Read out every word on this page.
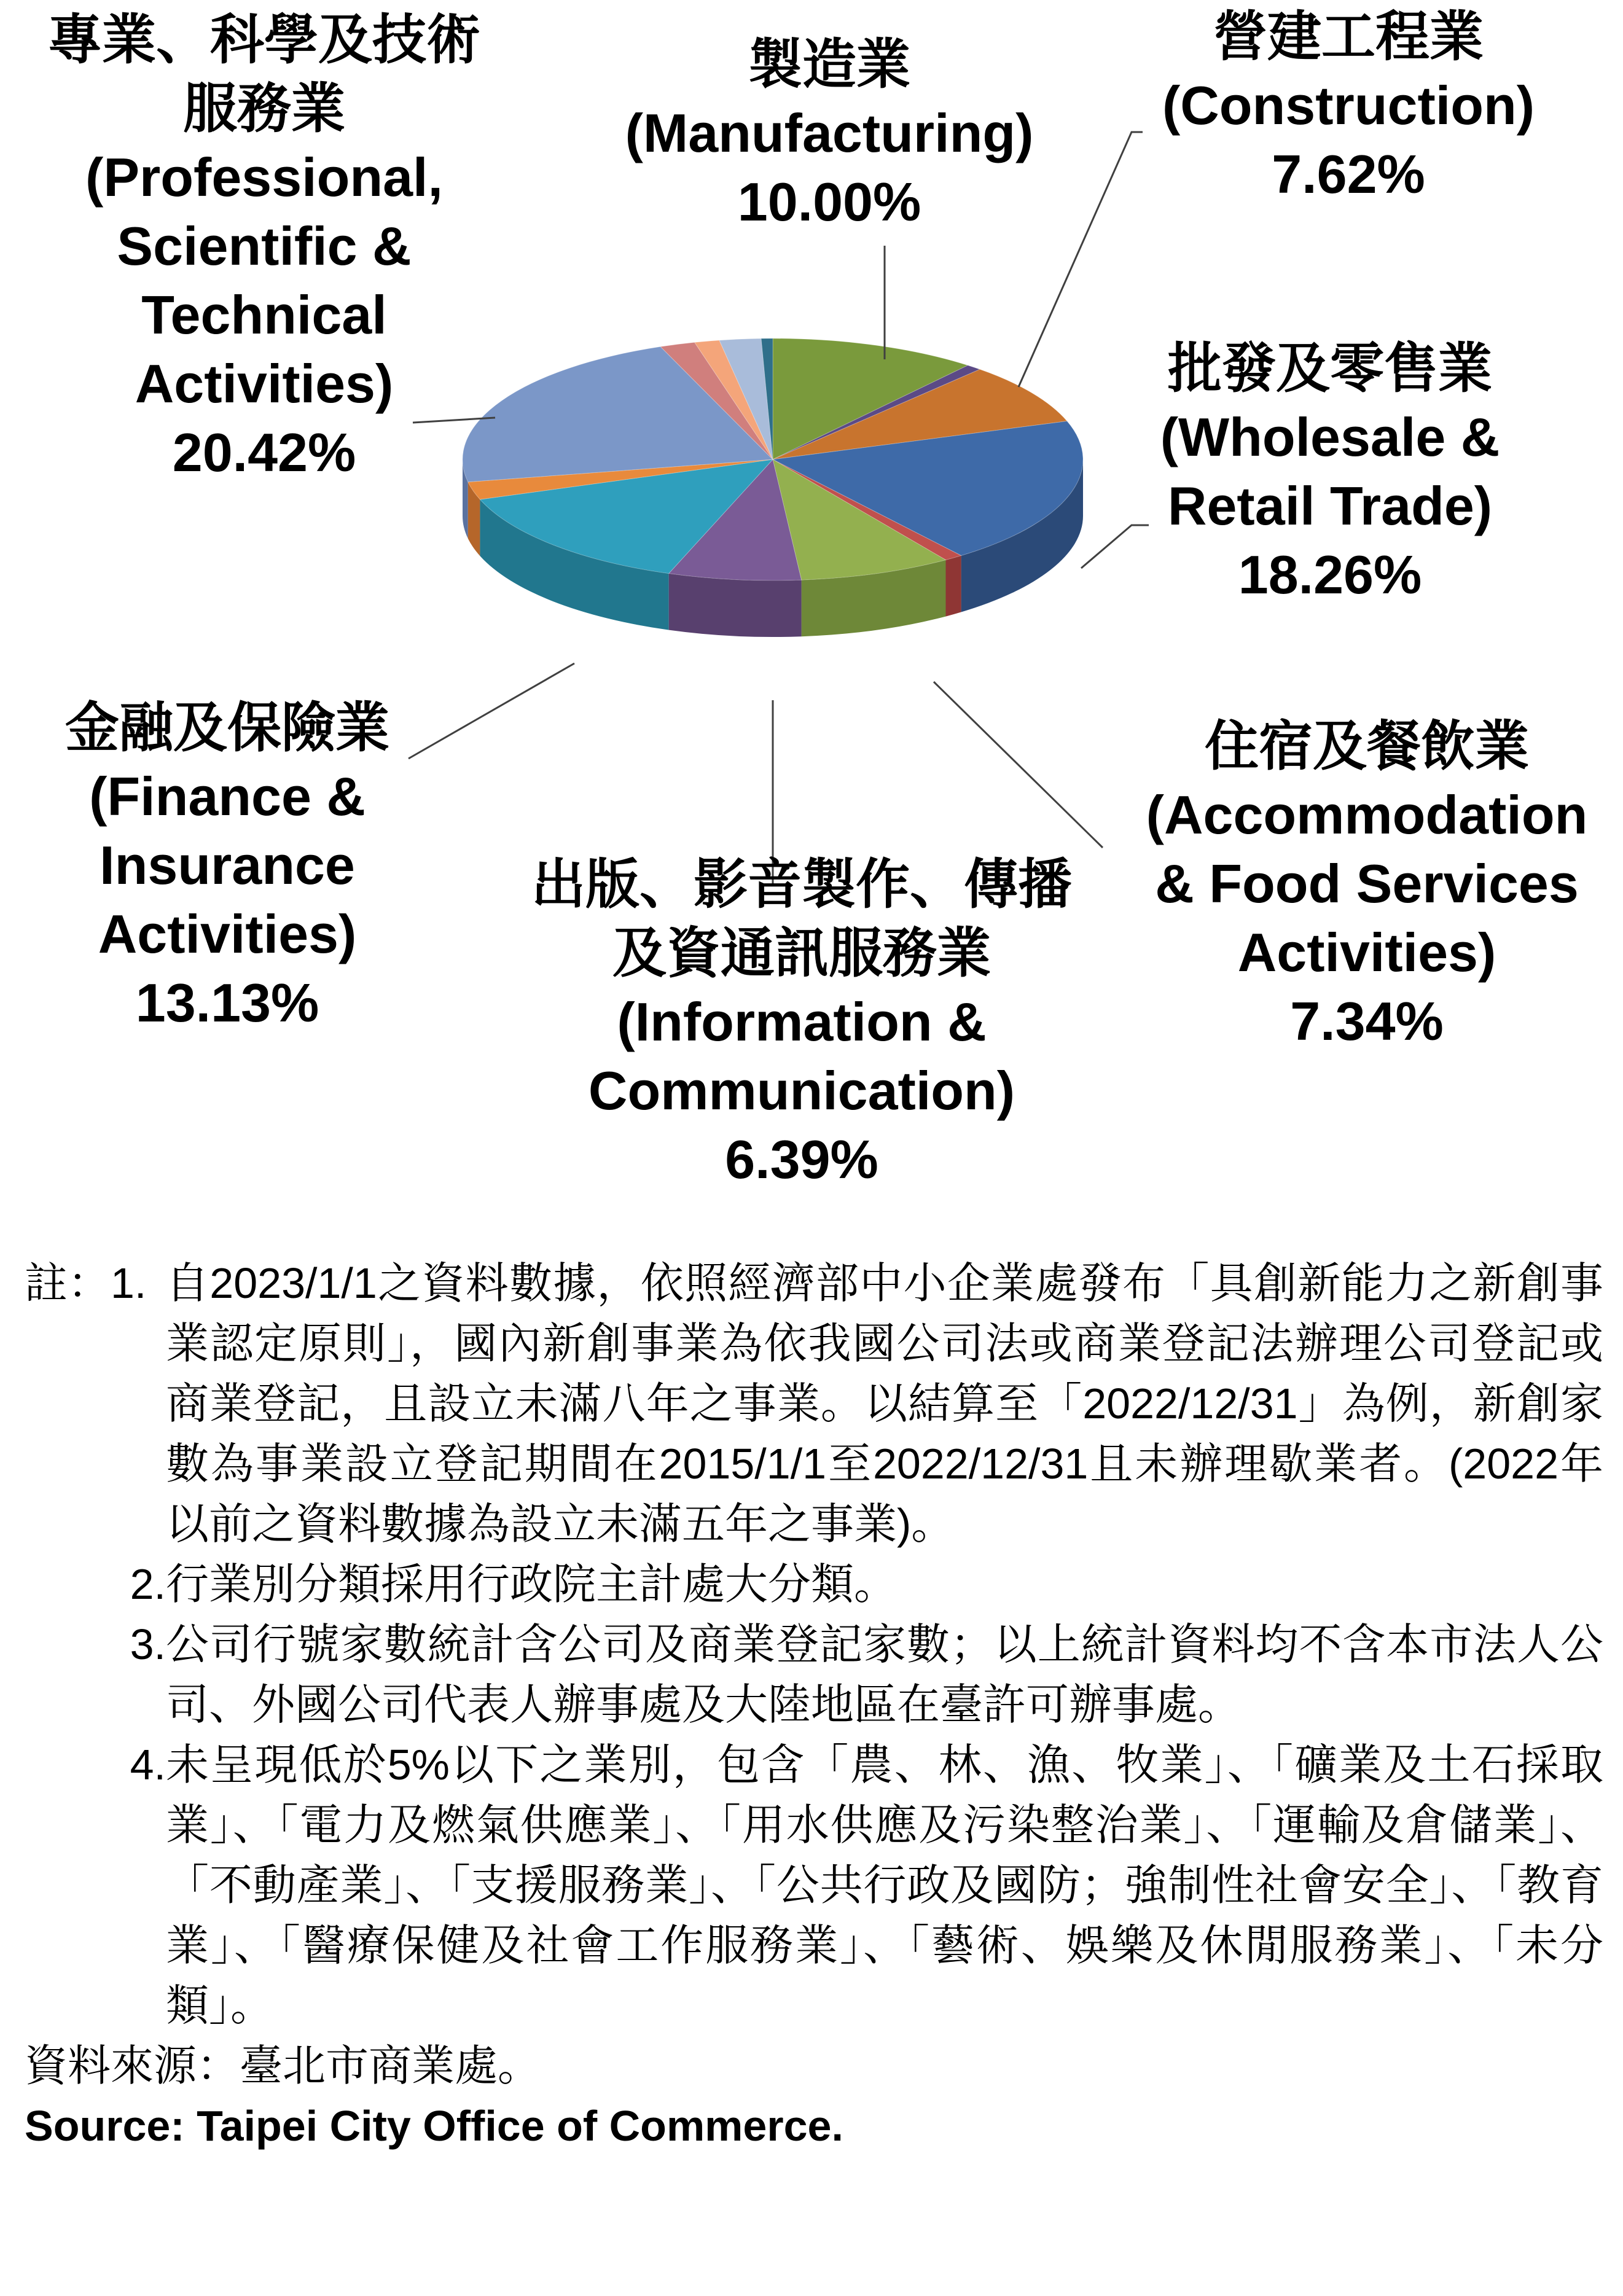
製造業(Manufacturing) 10.00%
營建工程業(Construction) 7.62%
批發及零售業(Wholesale & Retail Trade) 18.26%
住宿及餐飲業(Accommodation & Food Services Activities) 7.34%
出版、影音製作、傳播及資通訊服務業(Information & Communication) 6.39%
金融及保險業(Finance & Insurance Activities) 13.13%
專業、科學及技術服務業(Professional, Scientific & Technical Activities) 20.42%
註：1. 自2023/1/1之資料數據，依照經濟部中小企業處發布「具創新能力之新創事業認定原則」，國內新創事業為依我國公司法或商業登記法辦理公司登記或商業登記，且設立未滿八年之事業。以結算至「2022/12/31」為例，新創家數為事業設立登記期間在2015/1/1至2022/12/31且未辦理歇業者。(2022年以前之資料數據為設立未滿五年之事業)。
2. 行業別分類採用行政院主計處大分類。
3. 公司行號家數統計含公司及商業登記家數；以上統計資料均不含本市法人公司、外國公司代表人辦事處及大陸地區在臺許可辦事處。
4. 未呈現低於5%以下之業別，包含「農、林、漁、牧業」、「礦業及土石採取業」、「電力及燃氣供應業」、「用水供應及污染整治業」、「運輸及倉儲業」、「不動產業」、「支援服務業」、「公共行政及國防；強制性社會安全」、「教育業」、「醫療保健及社會工作服務業」、「藝術、娛樂及休閒服務業」、「未分類」。
資料來源：臺北市商業處。
Source: Taipei City Office of Commerce.
